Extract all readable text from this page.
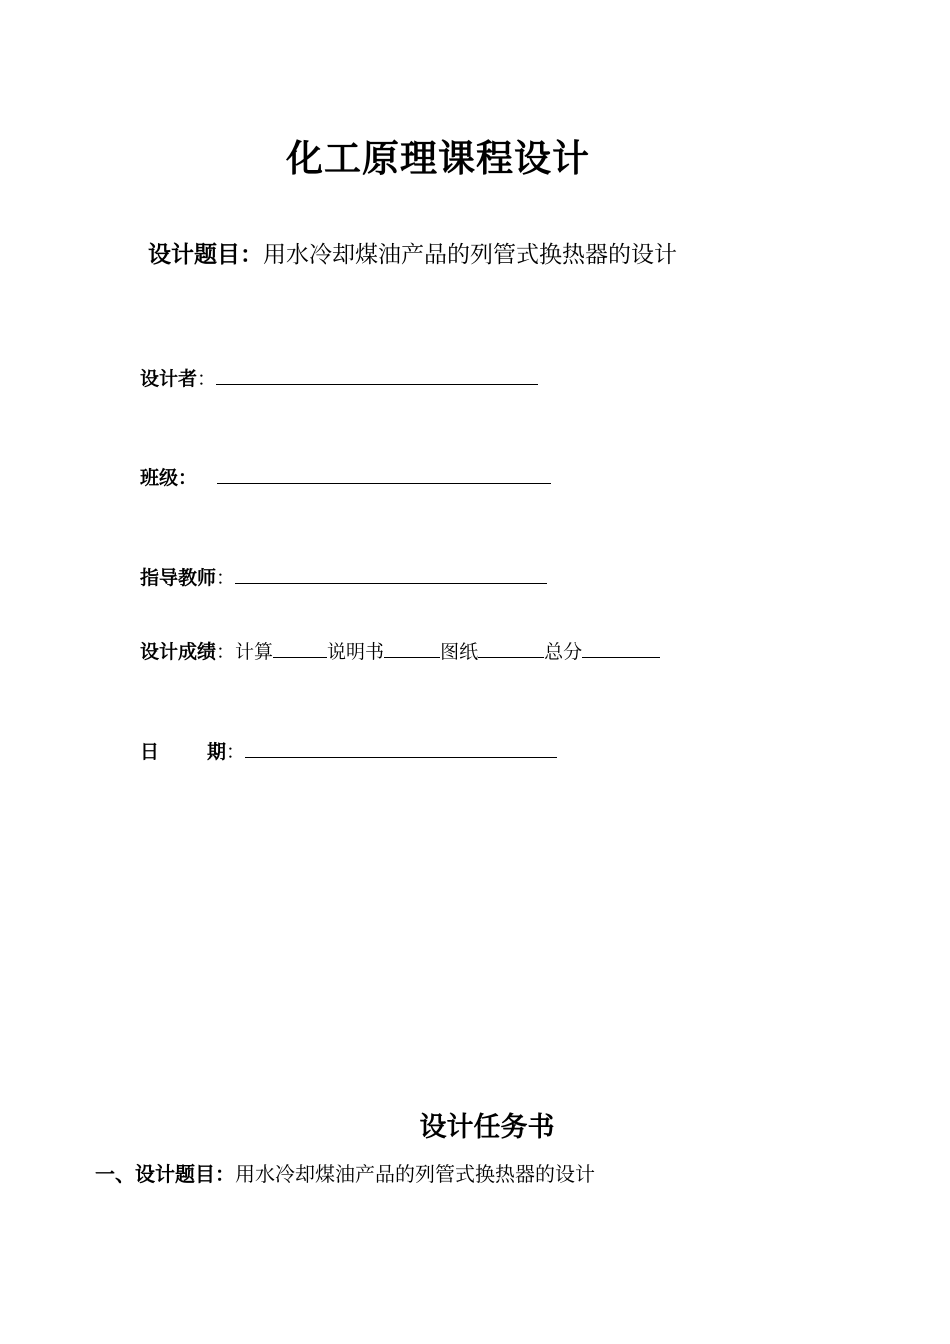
化工原理课程设计
设计题目：用水冷却煤油产品的列管式换热器的设计
设计者：
班级：
指导教师：
设计成绩：计算	说明书	图纸	总分
日	期：
设计任务书
一、设计题目：用水冷却煤油产品的列管式换热器的设计
